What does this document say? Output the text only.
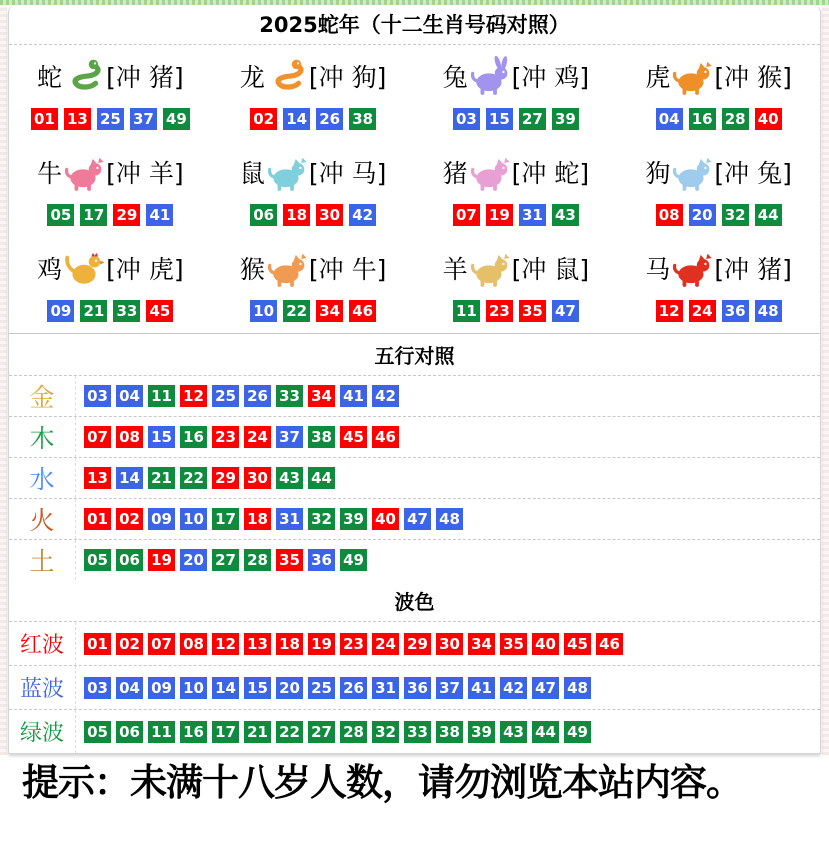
2025蛇年（十二生肖号码对照）
蛇 [冲 猪]
01 13 25 37 49
龙 [冲 狗]
02 14 26 38
兔 [冲 鸡]
03 15 27 39
虎 [冲 猴]
04 16 28 40
牛 [冲 羊]
05 17 29 41
鼠 [冲 马]
06 18 30 42
猪 [冲 蛇]
07 19 31 43
狗 [冲 兔]
08 20 32 44
鸡 [冲 虎]
09 21 33 45
猴 [冲 牛]
10 22 34 46
羊 [冲 鼠]
11 23 35 47
马 [冲 猪]
12 24 36 48
五行对照
金	03 04 11 12 25 26 33 34 41 42
木	07 08 15 16 23 24 37 38 45 46
水	13 14 21 22 29 30 43 44
火	01 02 09 10 17 18 31 32 39 40 47 48
土	05 06 19 20 27 28 35 36 49
波色
红波	01 02 07 08 12 13 18 19 23 24 29 30 34 35 40 45 46
蓝波	03 04 09 10 14 15 20 25 26 31 36 37 41 42 47 48
绿波	05 06 11 16 17 21 22 27 28 32 33 38 39 43 44 49
提示：未满十八岁人数，请勿浏览本站内容。
